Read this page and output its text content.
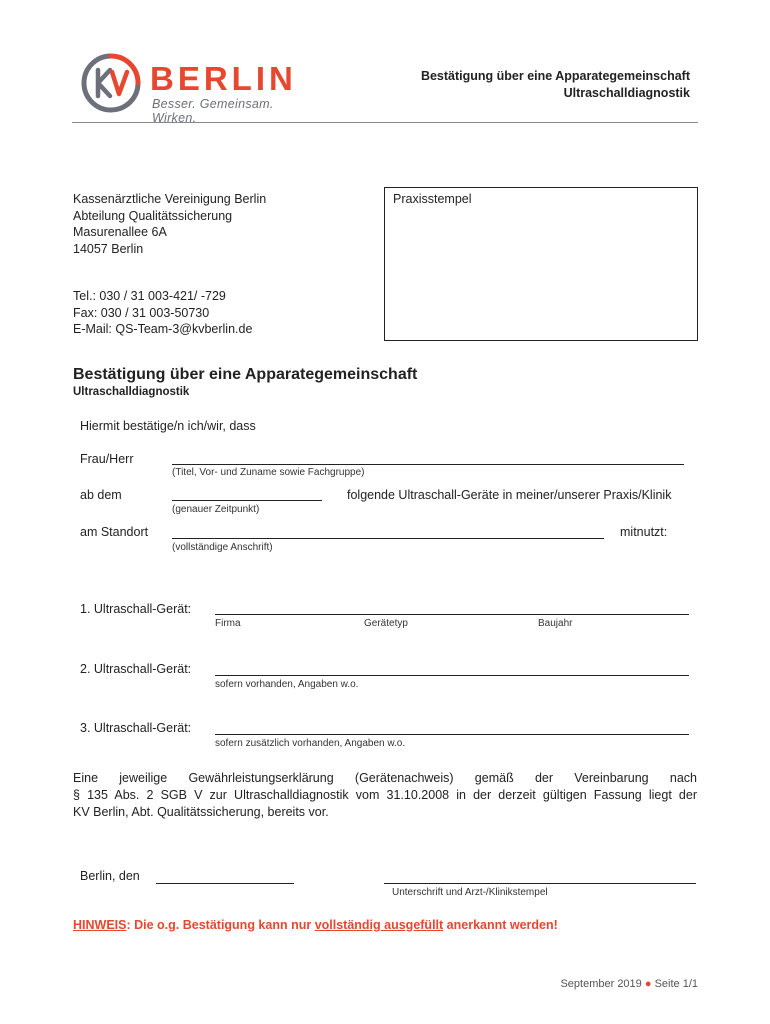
BERLIN
Besser. Gemeinsam. Wirken.
Bestätigung über eine Apparategemeinschaft
Ultraschalldiagnostik
Kassenärztliche Vereinigung Berlin
Abteilung Qualitätssicherung
Masurenallee 6A
14057 Berlin
Tel.: 030 / 31 003-421/ -729
Fax: 030 / 31 003-50730
E-Mail: QS-Team-3@kvberlin.de
Praxisstempel
Bestätigung über eine Apparategemeinschaft
Ultraschalldiagnostik
Hiermit bestätige/n ich/wir, dass
Frau/Herr
(Titel, Vor- und Zuname sowie Fachgruppe)
ab dem
(genauer Zeitpunkt)
folgende Ultraschall-Geräte in meiner/unserer Praxis/Klinik
am Standort
(vollständige Anschrift)
mitnutzt:
1. Ultraschall-Gerät:
Firma	Gerätetyp	Baujahr
2. Ultraschall-Gerät:
sofern vorhanden, Angaben w.o.
3. Ultraschall-Gerät:
sofern zusätzlich vorhanden, Angaben w.o.
Eine jeweilige Gewährleistungserklärung (Gerätenachweis) gemäß der Vereinbarung nach
§ 135 Abs. 2 SGB V zur Ultraschalldiagnostik vom 31.10.2008 in der derzeit gültigen Fassung liegt der
KV Berlin, Abt. Qualitätssicherung, bereits vor.
Berlin, den
Unterschrift und Arzt-/Klinikstempel
HINWEIS: Die o.g. Bestätigung kann nur vollständig ausgefüllt anerkannt werden!
September 2019 ● Seite 1/1
